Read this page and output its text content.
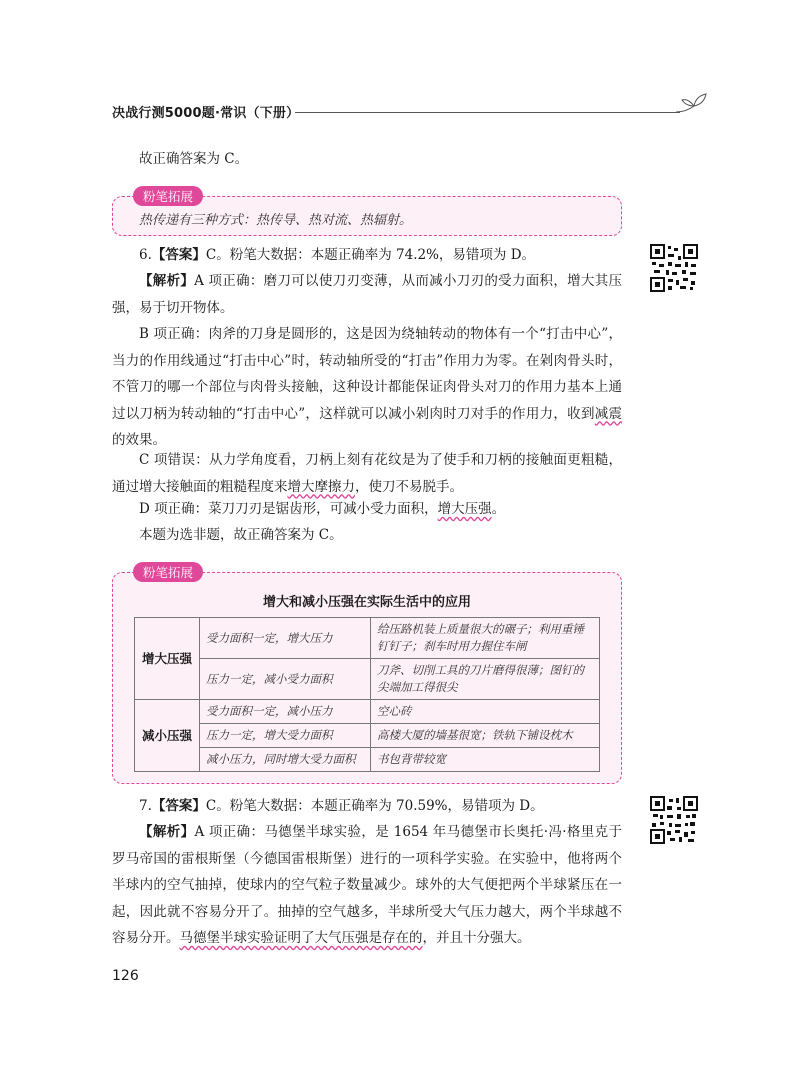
决战行测5000题·常识（下册）
故正确答案为 C。
粉笔拓展
热传递有三种方式：热传导、热对流、热辐射。
6.【答案】C。粉笔大数据：本题正确率为 74.2%，易错项为 D。
【解析】A 项正确：磨刀可以使刀刃变薄，从而减小刀刃的受力面积，增大其压强，易于切开物体。
B 项正确：肉斧的刀身是圆形的，这是因为绕轴转动的物体有一个“打击中心”，当力的作用线通过“打击中心”时，转动轴所受的“打击”作用力为零。在剁肉骨头时，不管刀的哪一个部位与肉骨头接触，这种设计都能保证肉骨头对刀的作用力基本上通过以刀柄为转动轴的“打击中心”，这样就可以减小剁肉时刀对手的作用力，收到减震的效果。
C 项错误：从力学角度看，刀柄上刻有花纹是为了使手和刀柄的接触面更粗糙，通过增大接触面的粗糙程度来增大摩擦力，使刀不易脱手。
D 项正确：菜刀刀刃是锯齿形，可减小受力面积，增大压强。
本题为选非题，故正确答案为 C。
粉笔拓展
增大和减小压强在实际生活中的应用
增大压强	受力面积一定，增大压力	给压路机装上质量很大的碾子；利用重锤钉钉子；刹车时用力握住车闸
	压力一定，减小受力面积	刀斧、切削工具的刀片磨得很薄；图钉的尖端加工得很尖
减小压强	受力面积一定，减小压力	空心砖
	压力一定，增大受力面积	高楼大厦的墙基很宽；铁轨下铺设枕木
	减小压力，同时增大受力面积	书包背带较宽
7.【答案】C。粉笔大数据：本题正确率为 70.59%，易错项为 D。
【解析】A 项正确：马德堡半球实验，是 1654 年马德堡市长奥托·冯·格里克于罗马帝国的雷根斯堡（今德国雷根斯堡）进行的一项科学实验。在实验中，他将两个半球内的空气抽掉，使球内的空气粒子数量减少。球外的大气便把两个半球紧压在一起，因此就不容易分开了。抽掉的空气越多，半球所受大气压力越大，两个半球越不容易分开。马德堡半球实验证明了大气压强是存在的，并且十分强大。
126
